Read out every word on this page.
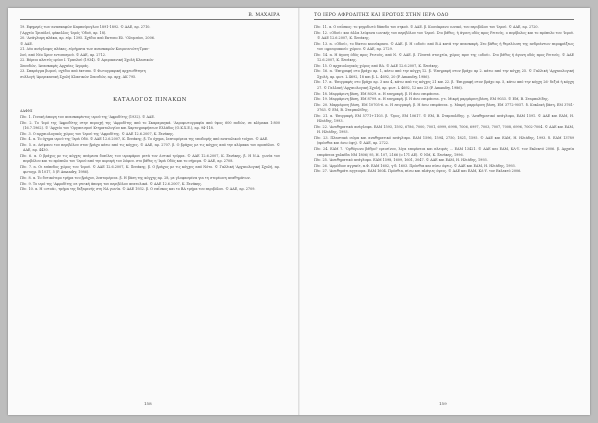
Β. ΜΑΧΑΙΡΑ

19. Εφημερίς των ανασκαφών Καμπούρογλου 1891-1892. © ΑΑΕ, αρ. 2710.

('Αρχείο Τριπόλεί, φάκελλος 'Ιερός 'Οδού, αρ. 18).

20. 'Ανάγλυφη πλάκα, αρ. εύρ. 1395. Σχέδιο από Εκτυπο Ελ. 'Ολυμπίου, 2006.

© ΑΑΕ.

21. Δύο ανάγλυφες πλάκες, εύρήματα των ανασκαφών Κουρουνιώτη-Τραυ-

λού, από Νέο Χρυσ εντοπισμού. © ΑΑΕ, αρ. 2712.

22. Βόρειο κλειτύς ορίου Ι. Τραυλού (1934). © Αμερικανική Σχολή Κλασικών

Σπουδών, 'Ανασκαφές Αρχαίας 'Αγοράς.

23. Σπαράγμα βωμού, σχέδιο από έκτυπο. © Φωτογραφική αρχειοθέτηση

συλλογή 'Αμερικανική Σχολή Κλασικών Σπουδών, αρ. αρχ. ΑΚ 795.

ΚΑΤΑΛΟΓΟΣ ΠΙΝΑΚΩΝ
ΔΑΦΝΙ

Πίν. 1. Γενική άποψη του ανασκαφέντος ιερού της 'Αφροδίτης (1932). © ΑΑΕ.

Πίν. 2. Το 'Ιερό της 'Αφροδίτης στην περιοχή της 'Αφροδίτης από το Σκαραμαγκά. 'Αεροφωτογραφία από ύψος 600 ποδών, σε κλίμακα 1:800 (16.7.1962). © 'Αρχείο του 'Οργανισμού Κτηματολογίου και Χαρτογραφήσεων Ελλάδος (Ο.Κ.Χ.Ε.), αρ. 94-118.

Πίν. 3. Ο αρχαιολογικός χώρος του 'Ιερού της 'Αφροδίτης. © ΑΑΕ 12.6.2007, Κ. Ξενάκης.

Πίν. 4. α. Το όχημα ιερού της 'Ιερά Οδό. © ΑΑΕ 12.6.2007, Κ. Ξενάκης. β. Το όχημα, λεπτομέρεια της υποδομής από ανατολικού τοίχου. © ΑΑΕ.

Πίν. 5. α. Λείψανο του περιβόλου στον βράχο κάτω από τις κόγχες. © ΑΑΕ, αρ. 2707. β. Ο βράχος με τις κόγχες από την κλίμακα του προπύλου. © ΑΑΕ, αρ. 4430.

Πίν. 6. α. Ο βράχος με τις κόγχες ανάμεσα διαύλες του ιεροφάρου μετά τον Δυτικό τρίμμα. © ΑΑΕ 12.6.2007, Κ. Ξενάκης. β. Η Ν.Α. γωνία του περιβόλου και το πρόπυλο του 'Ιερού από την κορυφή του λόφου. στο βάθος η 'Ιερά Οδός και το σήμερα. © ΑΑΕ, αρ. 2708.

Πίν. 7. α. Οι επίπεδος χώρος του 'Ιερού. © ΑΑΕ 12.6.2007, Κ. Ξενάκης. β. Ο βράχος με τις κόγχες από Νότο. © Γαλλική 'Αρχαιολογική Σχολή, αρ. φωτογρ. Β 1017, 5 (P. Amandry, 1986).

Πίν. 8. α. Το δυτικότερο τμήμα του βράχου, λεπτομέρεια. β. Η βάση της κόγχης αρ. 28, με γλυφασμένα για τη στερέωση αναθημάτων.

Πίν. 9. Το ιερό της 'Αφροδίτης σε γενική άποψη του περιβόλου ανατολικά. © ΑΑΕ 12.6.2007, Κ. Ξενάκης.

Πίν. 10. α. Η «στοά», τμήμα της δεξαμενής στη ΝΑ γωνία. © ΑΑΕ 1932. β. Ο ναΐσκος και το ΒΑ τμήμα του περιβόλου. © ΑΑΕ, αρ. 2709.

158
ΤΟ ΙΕΡΟ ΑΦΡΟΔΙΤΗΣ ΚΑΙ ΕΡΩΤΟΣ ΣΤΗΝ ΙΕΡΑ ΟΔΟ

Πίν. 11. α. Ο ναΐσκος: το ψηφιδωτό δάπεδο του σηκού. © ΑΑΕ. β. Κιονόκρανο ιωνικό, του περιβόλου του 'Ιερού. © ΑΑΕ, αρ. 2720.

Πίν. 12. «Οδού» και άλλα λείψανα ιωνικής του περιβόλου του 'Ιερού. Στο βάθος, ή άγονη οδός προς Ρειτούς, ο περίβολος και το πρόπυλο του 'Ιερού. © ΑΑΕ 12.6.2007, Κ. Ξενάκης.

Πίν. 13. α. «Οδού», το δίκτυο κιονόκρανο. © ΑΑΕ. β. Η «οδού» από Β.Δ κατά την ανασκαφή. Στο βάθος ή θεμελίωση της ανδριάντων περιφράξεως του «φρουριακού» χώρου. © ΑΑΕ, αρ. 2729.

Πίν. 14. α. Η άγονη όδός προς Ρειτούς, από Ν. © ΑΑΕ. β. Γλυπτά στοιχεία, χώρος πριν της «οδού». Στο βάθος ή άγονη οδός προς Ρειτούς. © ΑΑΕ 12.6.2007, Κ. Ξενάκης.

Πίν. 15. Ο αρχαιολογικός χώρος από ΒΔ. © ΑΑΕ 12.6.2007, Κ. Ξενάκης.

Πίν. 16. α. 'Επιγραφή στο βράχο αρ. 1, κάτω από την κόγχη 12. β. 'Επιγραφή στον βράχο αρ 2. κάτω από την κόγχη 25. © Γαλλική 'Αρχαιολογική Σχολή, αρ. φωτ. L 4692, 18 και β. L. 4692, 20 (P. Amandry, 1986).

Πίν. 17. α. 'Επιγραφές στο βράχο αρ. 3 και 4, κάτω από τις κόγχες 21 και 22. β. 'Επιγραφή στον βράχο αρ. 5, κάτω από την κόγχη 26· δεξιά ή κόγχη 27. © Γαλλική 'Αρχαιολογική Σχολή, αρ. φωτ. L 4692, 12 και 23 (P. Amandry, 1986).

Πίν. 18. Μαρμάρινη βάση, ΕΜ 8029. α. Η επιγραφή. β. Η άνω επιφάνεια.

Πίν. 19. Μαρμάρινη βάση, ΕΜ 8799. α. Η επιγραφή. β. Η άνω επιφάνεια. γ-ε. Μικρή μαρμάρινη βάση, ΕΜ 9033. © ΕΜ, Β. Σταμπολίδης.

Πίν. 20. Μαρμάρινη βάση, ΕΜ 10705-6. α. Η επιγραφή. β. Η άνω επιφάνεια. γ. Μικρή μαρμάρινη βάση, ΕΜ 3772-9057. δ. Κυκλική βάση, ΕΜ 3761-3763. © ΕΜ, Β. Σταμπολίδης.

Πίν. 21. α. 'Επιγραφή, ΕΜ 5771+1103. β. 'Όρος, ΕΜ 10617. © ΕΜ, Β. Σταμπολίδης. γ. 'Αναθηματικό ανάγλυφο, ΕΑΜ 1591. © ΑΑΕ και ΕΑΜ, Η. Ηλιάδης, 1993.

Πίν. 22. 'Αναθηματικά ανάγλυφα. ΕΑΜ 1593, 1592, 6786, 7000, 7001, 6999, 6998, 7006, 6997, 7003, 7007, 7008, 6996, 7002-7004. © ΑΑΕ και ΕΑΜ, Η. Ηλιάδης, 1993.

Πίν. 23. Πλαστικά σώμα και αναθηματικό ανάγλυφο. ΕΑΜ 1596, 1594, 2750, 1821, 1595. © ΑΑΕ και ΕΑΜ, Η. Ηλιάδης, 1993. δ. ΕΑΜ 13789 (πρόσθια και άνω όψη). © ΑΑΕ, αρ. 2722.

Πίν. 24. ΕΑΜ 7. 'Ορθόγωνο βάθρο? ερεισίνου, λίγα επιφάνεια και πλευρές ... ΕΑΜ 13421. © ΑΑΕ και ΕΑΜ, ΚΛ-Υ. τον Εκλεκτό 2006. β. Αρχαία επιφάνεια χαλκίδα ΝΜ 1806/ 95, Η. 107, 2166 (ο 171 ΑΕ). © ΝΜ, Κ. Ξενάκης, 1996.

Πίν. 25. 'Αναθηματικό ανάγλυφο. ΕΑΜ 1598, 1609, 1601, 3047. © ΑΑΕ και ΕΑΜ, Η. Ηλιάδης, 1993.

Πίν. 26. 'Αρμόδιον αγγεκίτ, π.Φ. ΕΑΜ 1602, γ-δ. 1603. Πρόσθια και πίσω όψεις. © ΑΑΕ και ΕΑΜ, Η. Ηλιάδης, 1993.

Πίν. 27. 'Αναθημάτι αγγειομα. ΕΑΜ 1604. Πρόσθια, πίσω και πλάγιες όψεις. © ΑΑΕ και ΕΑΜ, ΚΛ-Υ. τον Εκλεκτό 2006.

159
